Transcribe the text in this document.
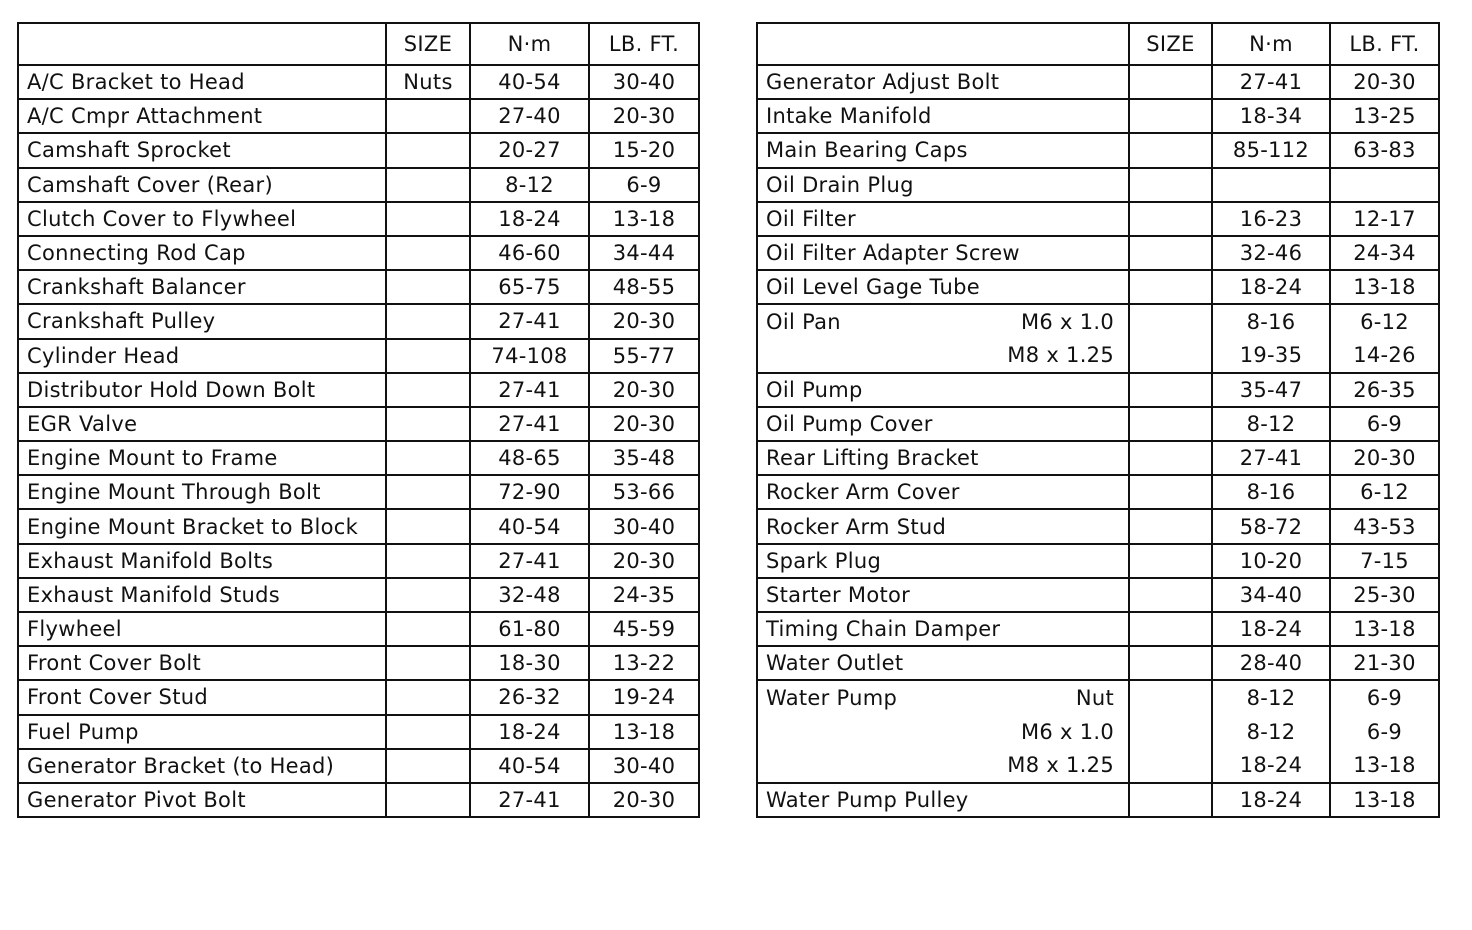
	SIZE	N·m	LB. FT.
A/C Bracket to Head	Nuts	40-54	30-40
A/C Cmpr Attachment		27-40	20-30
Camshaft Sprocket		20-27	15-20
Camshaft Cover (Rear)		8-12	6-9
Clutch Cover to Flywheel		18-24	13-18
Connecting Rod Cap		46-60	34-44
Crankshaft Balancer		65-75	48-55
Crankshaft Pulley		27-41	20-30
Cylinder Head		74-108	55-77
Distributor Hold Down Bolt		27-41	20-30
EGR Valve		27-41	20-30
Engine Mount to Frame		48-65	35-48
Engine Mount Through Bolt		72-90	53-66
Engine Mount Bracket to Block		40-54	30-40
Exhaust Manifold Bolts		27-41	20-30
Exhaust Manifold Studs		32-48	24-35
Flywheel		61-80	45-59
Front Cover Bolt		18-30	13-22
Front Cover Stud		26-32	19-24
Fuel Pump		18-24	13-18
Generator Bracket (to Head)		40-54	30-40
Generator Pivot Bolt		27-41	20-30
	SIZE	N·m	LB. FT.
Generator Adjust Bolt		27-41	20-30
Intake Manifold		18-34	13-25
Main Bearing Caps		85-112	63-83
Oil Drain Plug			
Oil Filter		16-23	12-17
Oil Filter Adapter Screw		32-46	24-34
Oil Level Gage Tube		18-24	13-18
Oil Pan M6 x 1.0		8-16	6-12

M8 x 1.25		19-35	14-26
Oil Pump		35-47	26-35
Oil Pump Cover		8-12	6-9
Rear Lifting Bracket		27-41	20-30
Rocker Arm Cover		8-16	6-12
Rocker Arm Stud		58-72	43-53
Spark Plug		10-20	7-15
Starter Motor		34-40	25-30
Timing Chain Damper		18-24	13-18
Water Outlet		28-40	21-30
Water Pump Nut		8-12	6-9

M6 x 1.0		8-12	6-9

M8 x 1.25		18-24	13-18
Water Pump Pulley		18-24	13-18
